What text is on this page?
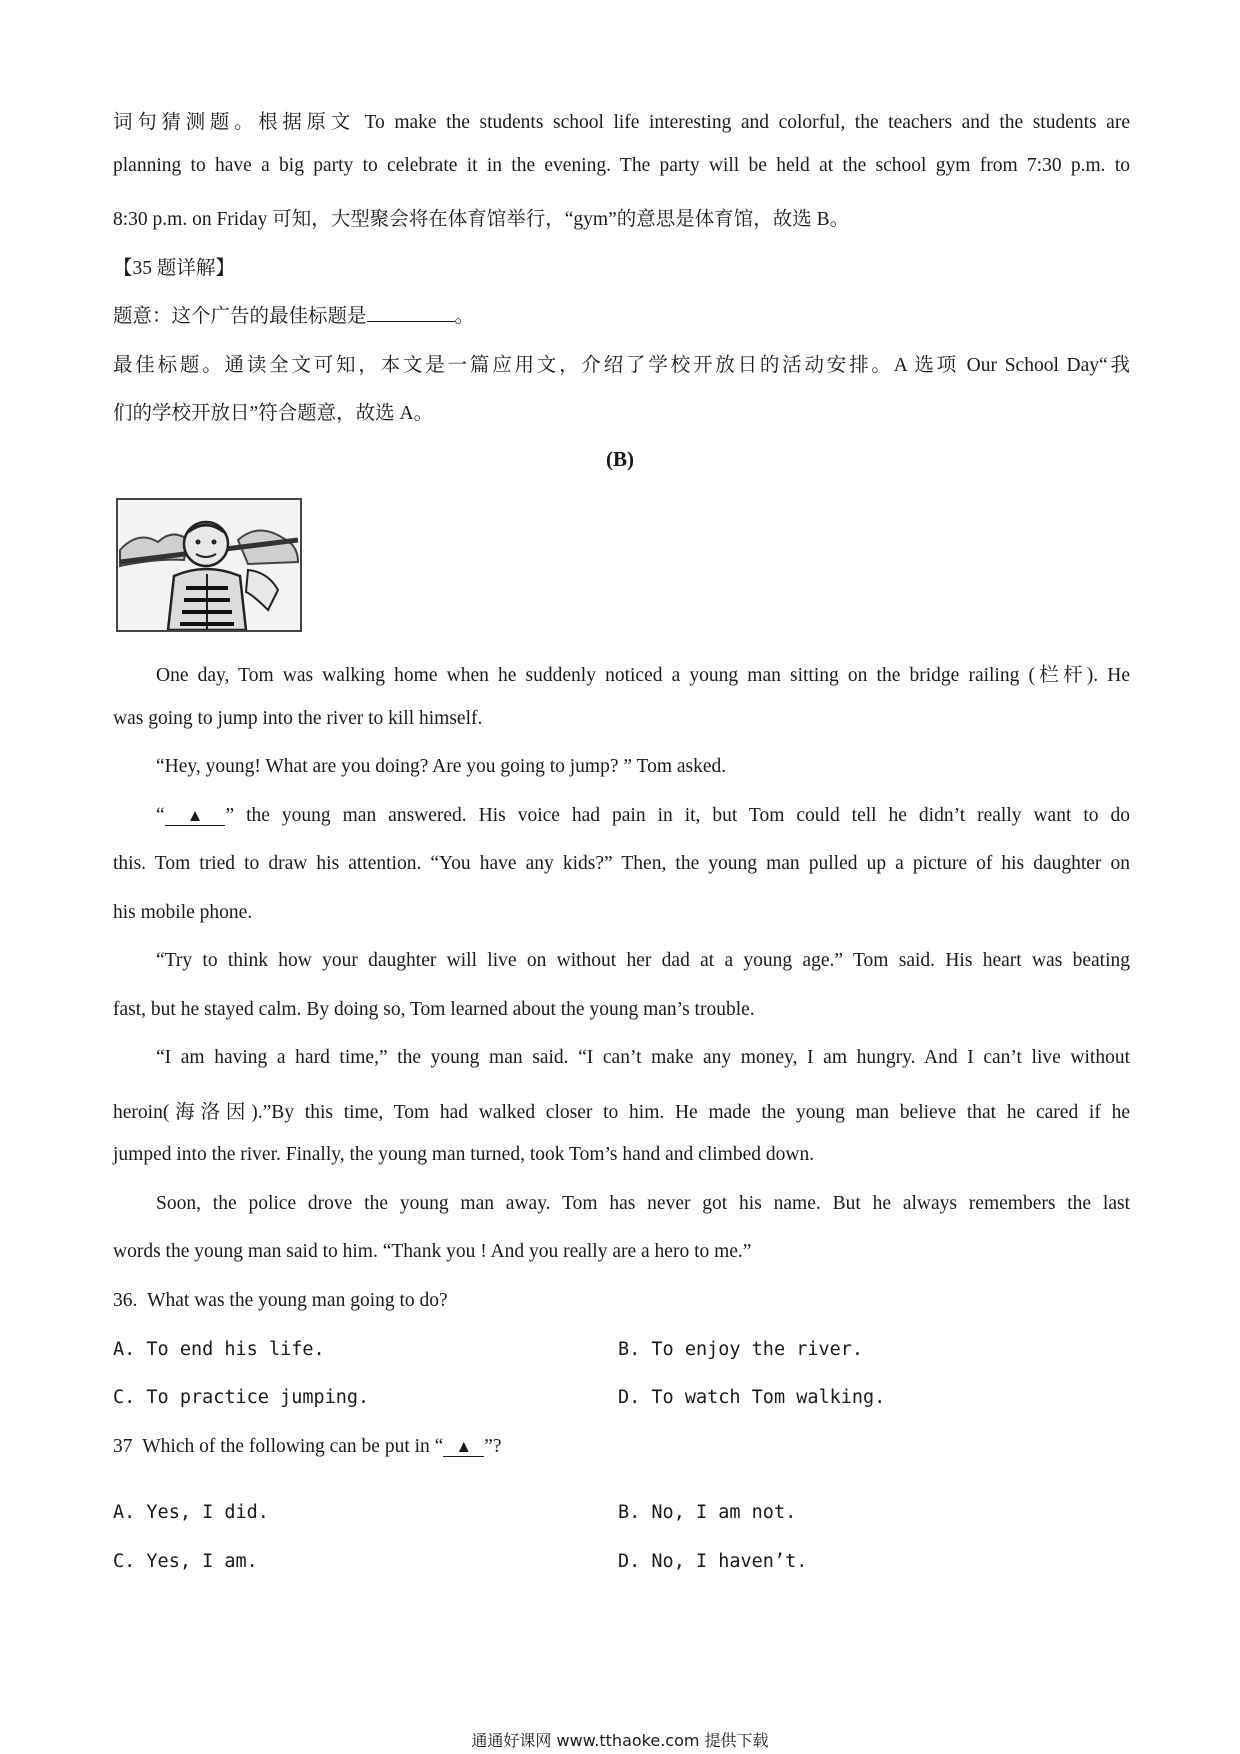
词句猜测题。根据原文 To make the students school life interesting and colorful, the teachers and the students are
planning to have a big party to celebrate it in the evening. The party will be held at the school gym from 7:30 p.m. to
8:30 p.m. on Friday 可知，大型聚会将在体育馆举行，“gym”的意思是体育馆，故选 B。
【35 题详解】
题意：这个广告的最佳标题是	。
最佳标题。通读全文可知，本文是一篇应用文，介绍了学校开放日的活动安排。A 选项 Our School Day“我
们的学校开放日”符合题意，故选 A。
(B)
One day, Tom was walking home when he suddenly noticed a young man sitting on the bridge railing (栏杆). He
was going to jump into the river to kill himself.
“Hey, young! What are you doing? Are you going to jump? ” Tom asked.
“ ▲ ” the young man answered. His voice had pain in it, but Tom could tell he didn’t really want to do
this. Tom tried to draw his attention. “You have any kids?” Then, the young man pulled up a picture of his daughter on
his mobile phone.
“Try to think how your daughter will live on without her dad at a young age.” Tom said. His heart was beating
fast, but he stayed calm. By doing so, Tom learned about the young man’s trouble.
“I am having a hard time,” the young man said. “I can’t make any money, I am hungry. And I can’t live without
heroin(海洛因).”By this time, Tom had walked closer to him. He made the young man believe that he cared if he
jumped into the river. Finally, the young man turned, took Tom’s hand and climbed down.
Soon, the police drove the young man away. Tom has never got his name. But he always remembers the last
words the young man said to him. “Thank you ! And you really are a hero to me.”
36. What was the young man going to do?
A. To end his life.	B. To enjoy the river.
C. To practice jumping.	D. To watch Tom walking.
37 Which of the following can be put in “ ▲ ”?
A. Yes, I did.	B. No, I am not.
C. Yes, I am.	D. No, I haven’t.
通通好课网 www.tthaoke.com 提供下载
